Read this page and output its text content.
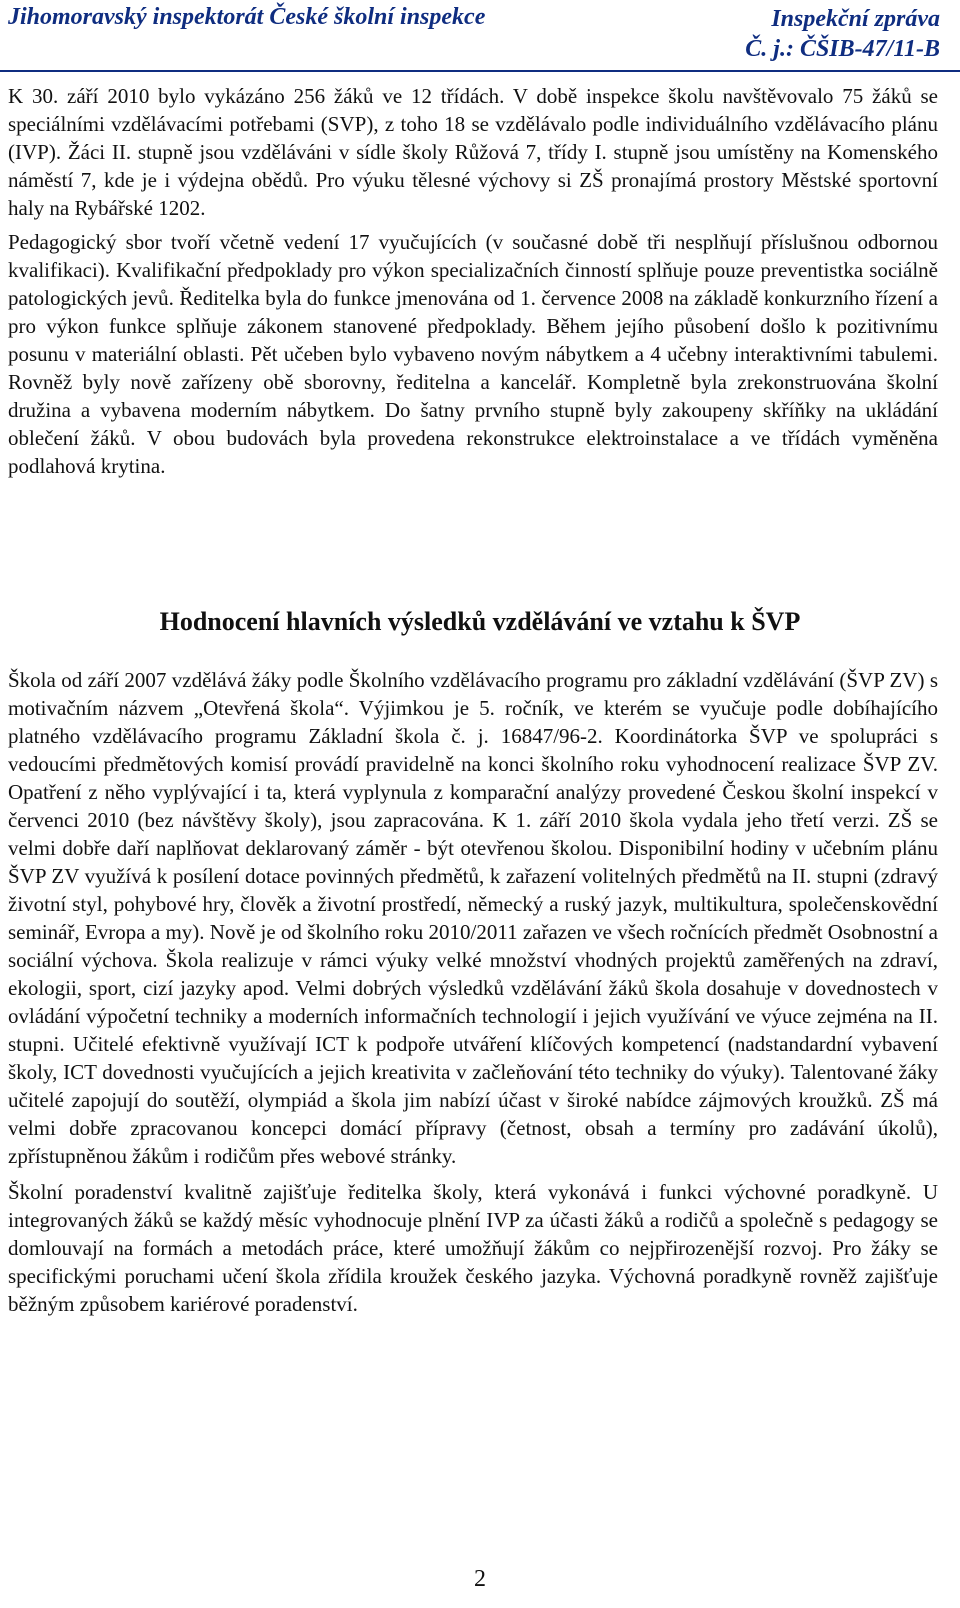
Jihomoravský inspektorát České školní inspekce	Inspekční zpráva
Č. j.: ČŠIB-47/11-B

K 30. září 2010 bylo vykázáno 256 žáků ve 12 třídách. V době inspekce školu navštěvovalo 75 žáků se speciálními vzdělávacími potřebami (SVP), z toho 18 se vzdělávalo podle individuálního vzdělávacího plánu (IVP). Žáci II. stupně jsou vzděláváni v sídle školy Růžová 7, třídy I. stupně jsou umístěny na Komenského náměstí 7, kde je i výdejna obědů. Pro výuku tělesné výchovy si ZŠ pronajímá prostory Městské sportovní haly na Rybářské 1202.

Pedagogický sbor tvoří včetně vedení 17 vyučujících (v současné době tři nesplňují příslušnou odbornou kvalifikaci). Kvalifikační předpoklady pro výkon specializačních činností splňuje pouze preventistka sociálně patologických jevů. Ředitelka byla do funkce jmenována od 1. července 2008 na základě konkurzního řízení a pro výkon funkce splňuje zákonem stanovené předpoklady. Během jejího působení došlo k pozitivnímu posunu v materiální oblasti. Pět učeben bylo vybaveno novým nábytkem a 4 učebny interaktivními tabulemi. Rovněž byly nově zařízeny obě sborovny, ředitelna a kancelář. Kompletně byla zrekonstruována školní družina a vybavena moderním nábytkem. Do šatny prvního stupně byly zakoupeny skříňky na ukládání oblečení žáků. V obou budovách byla provedena rekonstrukce elektroinstalace a ve třídách vyměněna podlahová krytina.

Hodnocení hlavních výsledků vzdělávání ve vztahu k ŠVP

Škola od září 2007 vzdělává žáky podle Školního vzdělávacího programu pro základní vzdělávání (ŠVP ZV) s motivačním názvem „Otevřená škola“. Výjimkou je 5. ročník, ve kterém se vyučuje podle dobíhajícího platného vzdělávacího programu Základní škola č. j. 16847/96-2. Koordinátorka ŠVP ve spolupráci s vedoucími předmětových komisí provádí pravidelně na konci školního roku vyhodnocení realizace ŠVP ZV. Opatření z něho vyplývající i ta, která vyplynula z komparační analýzy provedené Českou školní inspekcí v červenci 2010 (bez návštěvy školy), jsou zapracována. K 1. září 2010 škola vydala jeho třetí verzi. ZŠ se velmi dobře daří naplňovat deklarovaný záměr - být otevřenou školou. Disponibilní hodiny v učebním plánu ŠVP ZV využívá k posílení dotace povinných předmětů, k zařazení volitelných předmětů na II. stupni (zdravý životní styl, pohybové hry, člověk a životní prostředí, německý a ruský jazyk, multikultura, společenskovědní seminář, Evropa a my). Nově je od školního roku 2010/2011 zařazen ve všech ročnících předmět Osobnostní a sociální výchova. Škola realizuje v rámci výuky velké množství vhodných projektů zaměřených na zdraví, ekologii, sport, cizí jazyky apod. Velmi dobrých výsledků vzdělávání žáků škola dosahuje v dovednostech v ovládání výpočetní techniky a moderních informačních technologií i jejich využívání ve výuce zejména na II. stupni. Učitelé efektivně využívají ICT k podpoře utváření klíčových kompetencí (nadstandardní vybavení školy, ICT dovednosti vyučujících a jejich kreativita v začleňování této techniky do výuky). Talentované žáky učitelé zapojují do soutěží, olympiád a škola jim nabízí účast v široké nabídce zájmových kroužků. ZŠ má velmi dobře zpracovanou koncepci domácí přípravy (četnost, obsah a termíny pro zadávání úkolů), zpřístupněnou žákům i rodičům přes webové stránky.

Školní poradenství kvalitně zajišťuje ředitelka školy, která vykonává i funkci výchovné poradkyně. U integrovaných žáků se každý měsíc vyhodnocuje plnění IVP za účasti žáků a rodičů a společně s pedagogy se domlouvají na formách a metodách práce, které umožňují žákům co nejpřirozenější rozvoj. Pro žáky se specifickými poruchami učení škola zřídila kroužek českého jazyka. Výchovná poradkyně rovněž zajišťuje běžným způsobem kariérové poradenství.

2
